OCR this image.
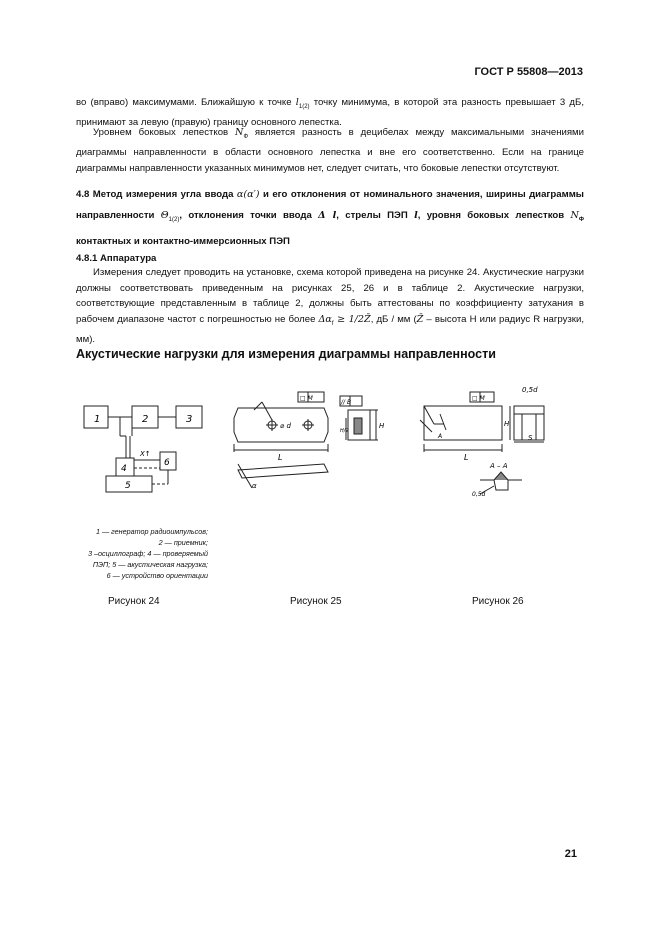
ГОСТ Р 55808—2013

во (вправо) максимумами. Ближайшую к точке $l_{1(2)}$ точку минимума, в которой эта разность превышает 3 дБ, принимают за левую (правую) границу основного лепестка.

Уровнем боковых лепестков $N_Ф$ является разность в децибелах между максимальными значениями диаграммы направленности в области основного лепестка и вне его соответственно. Если на границе диаграммы направленности указанных минимумов нет, следует считать, что боковые лепестки отсутствуют.

4.8 Метод измерения угла ввода α(α′) и его отклонения от номинального значения, ширины диаграммы направленности $\Theta_{1(2)}$, отклонения точки ввода Δ l, стрелы ПЭП l, уровня боковых лепестков $N_Ф$ контактных и контактно-иммерсионных ПЭП

4.8.1 Аппаратура

Измерения следует проводить на установке, схема которой приведена на рисунке 24. Акустические нагрузки должны соответствовать приведенным на рисунках 25, 26 и в таблице 2. Акустические нагрузки, соответствующие представленным в таблице 2, должны быть аттестованы по коэффициенту затухания в рабочем диапазоне частот с погрешностью не более $\Delta\alpha_f$ ≥ 1/2Z̄, дБ / мм (Z̄ – высота H или радиус R нагрузки, мм).

Акустические нагрузки для измерения диаграммы направленности
1	2	3
4
5
6
X↑
1 — генератор радиоимпульсов;
2 — приемник;
3 –осциллограф; 4 — проверяемый
ПЭП; 5 — акустическая нагрузка;
6 — устройство ориентации
□ М
// В
⌀ d
L
H
H/2
α
□ М
0,5d
L
H
S
А – А
0,5d
А
Рисунок 24	Рисунок 25	Рисунок 26
21
